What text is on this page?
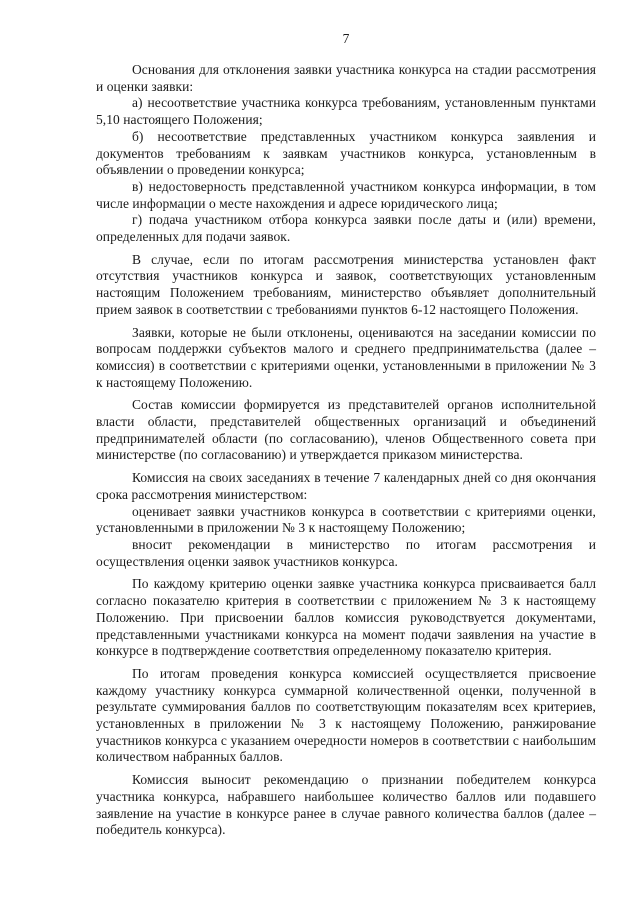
7

Основания для отклонения заявки участника конкурса на стадии рассмотрения и оценки заявки:

а) несоответствие участника конкурса требованиям, установленным пунктами 5,10 настоящего Положения;

б) несоответствие представленных участником конкурса заявления и документов требованиям к заявкам участников конкурса, установленным в объявлении о проведении конкурса;

в) недостоверность представленной участником конкурса информации, в том числе информации о месте нахождения и адресе юридического лица;

г) подача участником отбора конкурса заявки после даты и (или) времени, определенных для подачи заявок.

В случае, если по итогам рассмотрения министерства установлен факт отсутствия участников конкурса и заявок, соответствующих установленным настоящим Положением требованиям, министерство объявляет дополнительный прием заявок в соответствии с требованиями пунктов 6-12 настоящего Положения.

Заявки, которые не были отклонены, оцениваются на заседании комиссии по вопросам поддержки субъектов малого и среднего предпринимательства (далее – комиссия) в соответствии с критериями оценки, установленными в приложении № 3 к настоящему Положению.

Состав комиссии формируется из представителей органов исполнительной власти области, представителей общественных организаций и объединений предпринимателей области (по согласованию), членов Общественного совета при министерстве (по согласованию) и утверждается приказом министерства.

Комиссия на своих заседаниях в течение 7 календарных дней со дня окончания срока рассмотрения министерством:

оценивает заявки участников конкурса в соответствии с критериями оценки, установленными в приложении № 3 к настоящему Положению;

вносит рекомендации в министерство по итогам рассмотрения и осуществления оценки заявок участников конкурса.

По каждому критерию оценки заявке участника конкурса присваивается балл согласно показателю критерия в соответствии с приложением № 3 к настоящему Положению. При присвоении баллов комиссия руководствуется документами, представленными участниками конкурса на момент подачи заявления на участие в конкурсе в подтверждение соответствия определенному показателю критерия.

По итогам проведения конкурса комиссией осуществляется присвоение каждому участнику конкурса суммарной количественной оценки, полученной в результате суммирования баллов по соответствующим показателям всех критериев, установленных в приложении № 3 к настоящему Положению, ранжирование участников конкурса с указанием очередности номеров в соответствии с наибольшим количеством набранных баллов.

Комиссия выносит рекомендацию о признании победителем конкурса участника конкурса, набравшего наибольшее количество баллов или подавшего заявление на участие в конкурсе ранее в случае равного количества баллов (далее – победитель конкурса).
